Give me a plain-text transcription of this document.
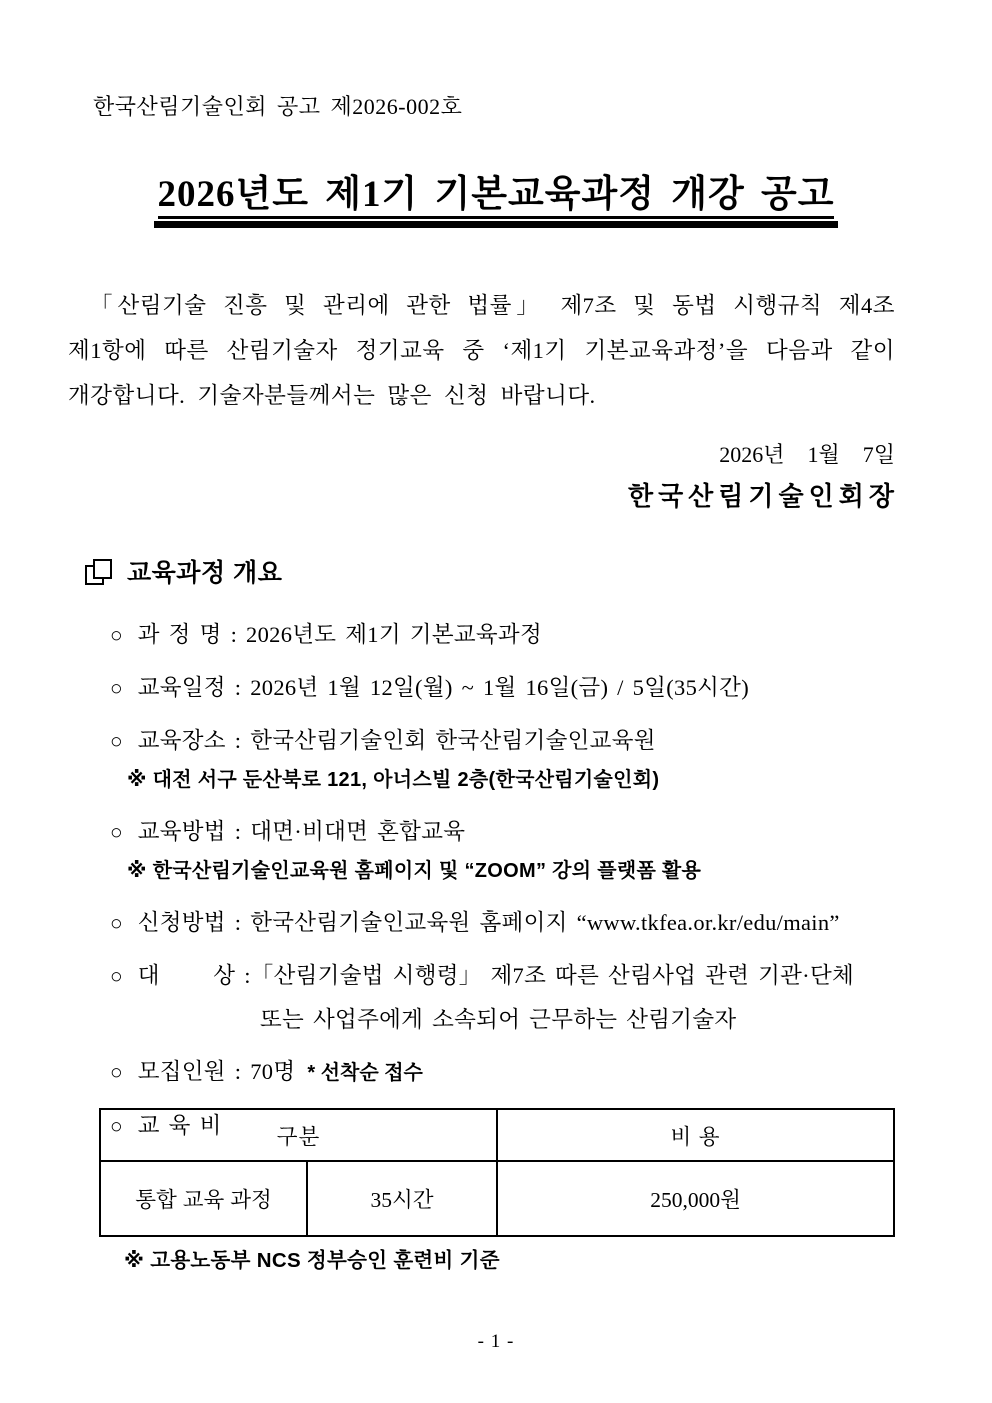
한국산림기술인회 공고 제2026-002호
2026년도 제1기 기본교육과정 개강 공고

「산림기술 진흥 및 관리에 관한 법률」 제7조 및 동법 시행규칙 제4조 제1항에 따른 산림기술자 정기교육 중 ‘제1기 기본교육과정’을 다음과 같이 개강합니다. 기술자분들께서는 많은 신청 바랍니다.

2026년  1월  7일
한국산림기술인회장
교육과정 개요
○ 과 정 명 : 2026년도 제1기 기본교육과정
○ 교육일정 : 2026년 1월 12일(월) ~ 1월 16일(금) / 5일(35시간)
○ 교육장소 : 한국산림기술인회 한국산림기술인교육원
※ 대전 서구 둔산북로 121, 아너스빌 2층(한국산림기술인회)
○ 교육방법 : 대면·비대면 혼합교육
※ 한국산림기술인교육원 홈페이지 및 “ZOOM” 강의 플랫폼 활용
○ 신청방법 : 한국산림기술인교육원 홈페이지 “www.tkfea.or.kr/edu/main”
○ 대      상 :「산림기술법 시행령」 제7조 따른 산림사업 관련 기관·단체
또는 사업주에게 소속되어 근무하는 산림기술자
○ 모집인원 : 70명 * 선착순 접수
○ 교 육 비	구분		비 용
통합 교육 과정	35시간	250,000원
※ 고용노동부 NCS 정부승인 훈련비 기준
- 1 -
